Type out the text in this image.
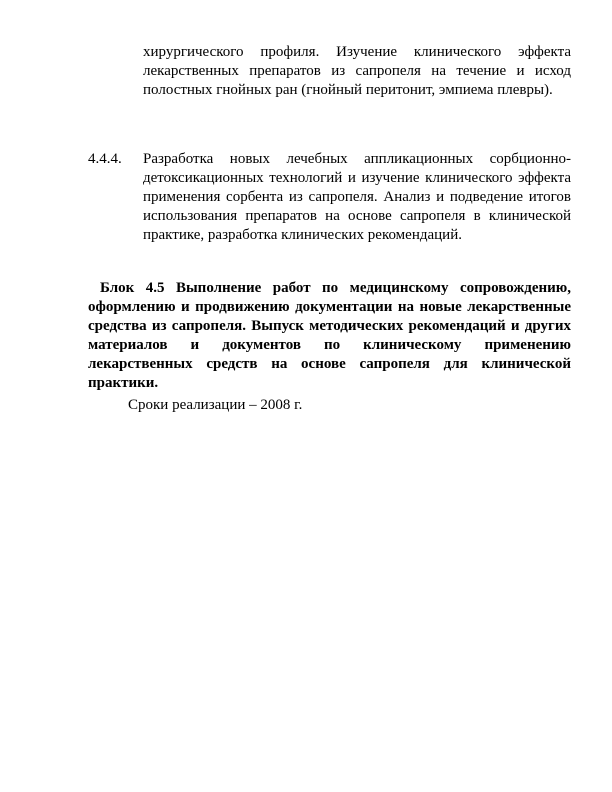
хирургического профиля. Изучение клинического эффекта лекарственных препаратов из сапропеля на течение и исход полостных гнойных ран (гнойный перитонит, эмпиема плевры).

4.4.4.	Разработка новых лечебных аппликационных сорбционно-детоксикационных технологий и изучение клинического эффекта применения сорбента из сапропеля. Анализ и подведение итогов использования препаратов на основе сапропеля в клинической практике, разработка клинических рекомендаций.

Блок 4.5 Выполнение работ по медицинскому сопровождению, оформлению и продвижению документации на новые лекарственные средства из сапропеля. Выпуск методических рекомендаций и других материалов и документов по клиническому применению лекарственных средств на основе сапропеля для клинической практики.

Сроки реализации – 2008 г.
